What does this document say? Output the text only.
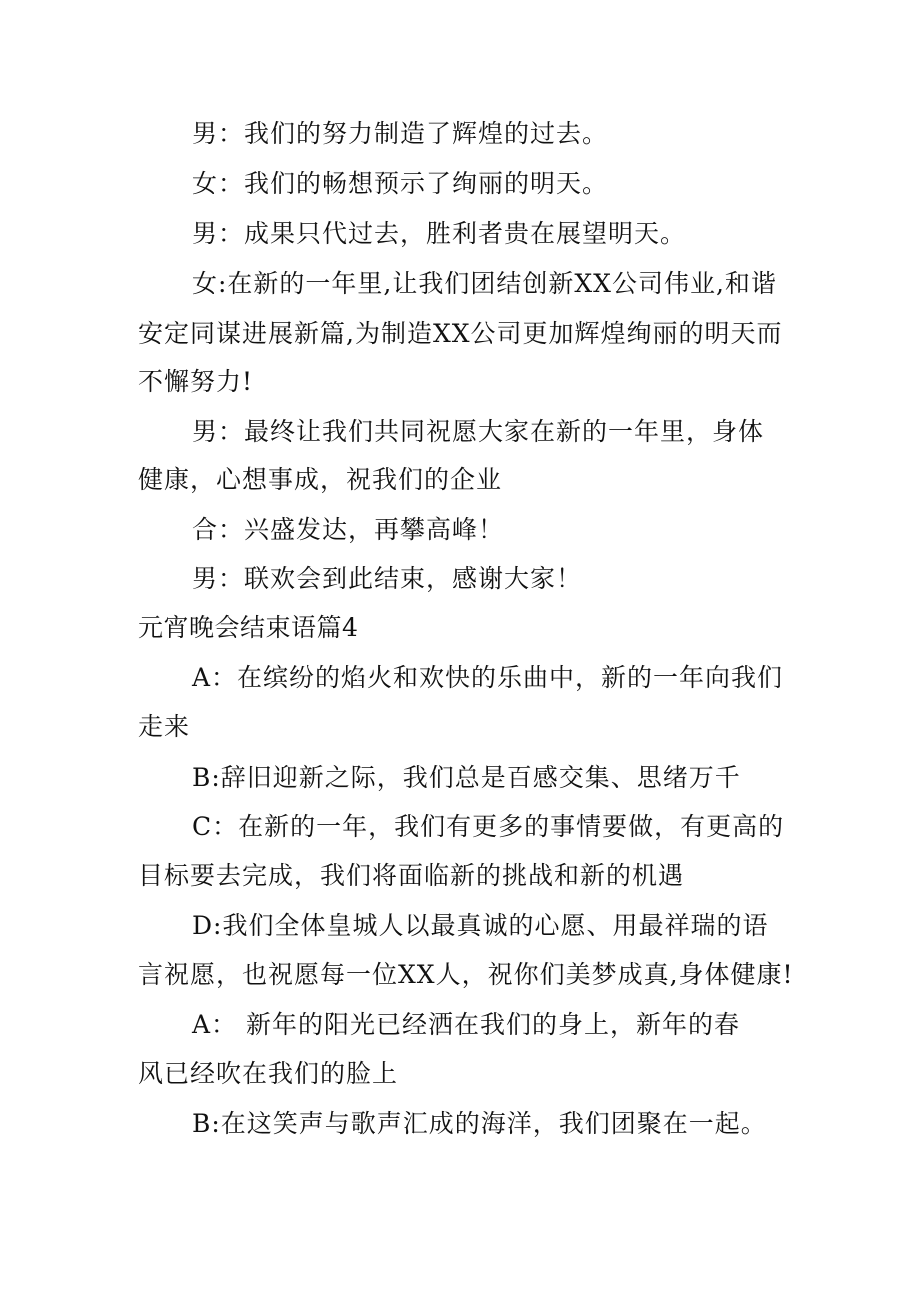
男：我们的努力制造了辉煌的过去。
女：我们的畅想预示了绚丽的明天。
男：成果只代过去，胜利者贵在展望明天。
女:在新的一年里,让我们团结创新XX公司伟业,和谐
安定同谋进展新篇,为制造XX公司更加辉煌绚丽的明天而
不懈努力!
男：最终让我们共同祝愿大家在新的一年里，身体
健康，心想事成，祝我们的企业
合：兴盛发达，再攀高峰！
男：联欢会到此结束，感谢大家！
元宵晚会结束语篇4
A：在缤纷的焰火和欢快的乐曲中，新的一年向我们
走来
B:辞旧迎新之际，我们总是百感交集、思绪万千
C：在新的一年，我们有更多的事情要做，有更高的
目标要去完成，我们将面临新的挑战和新的机遇
D:我们全体皇城人以最真诚的心愿、用最祥瑞的语
言祝愿，也祝愿每一位XX人，祝你们美梦成真,身体健康!
A： 新年的阳光已经洒在我们的身上，新年的春
风已经吹在我们的脸上
B:在这笑声与歌声汇成的海洋，我们团聚在一起。
